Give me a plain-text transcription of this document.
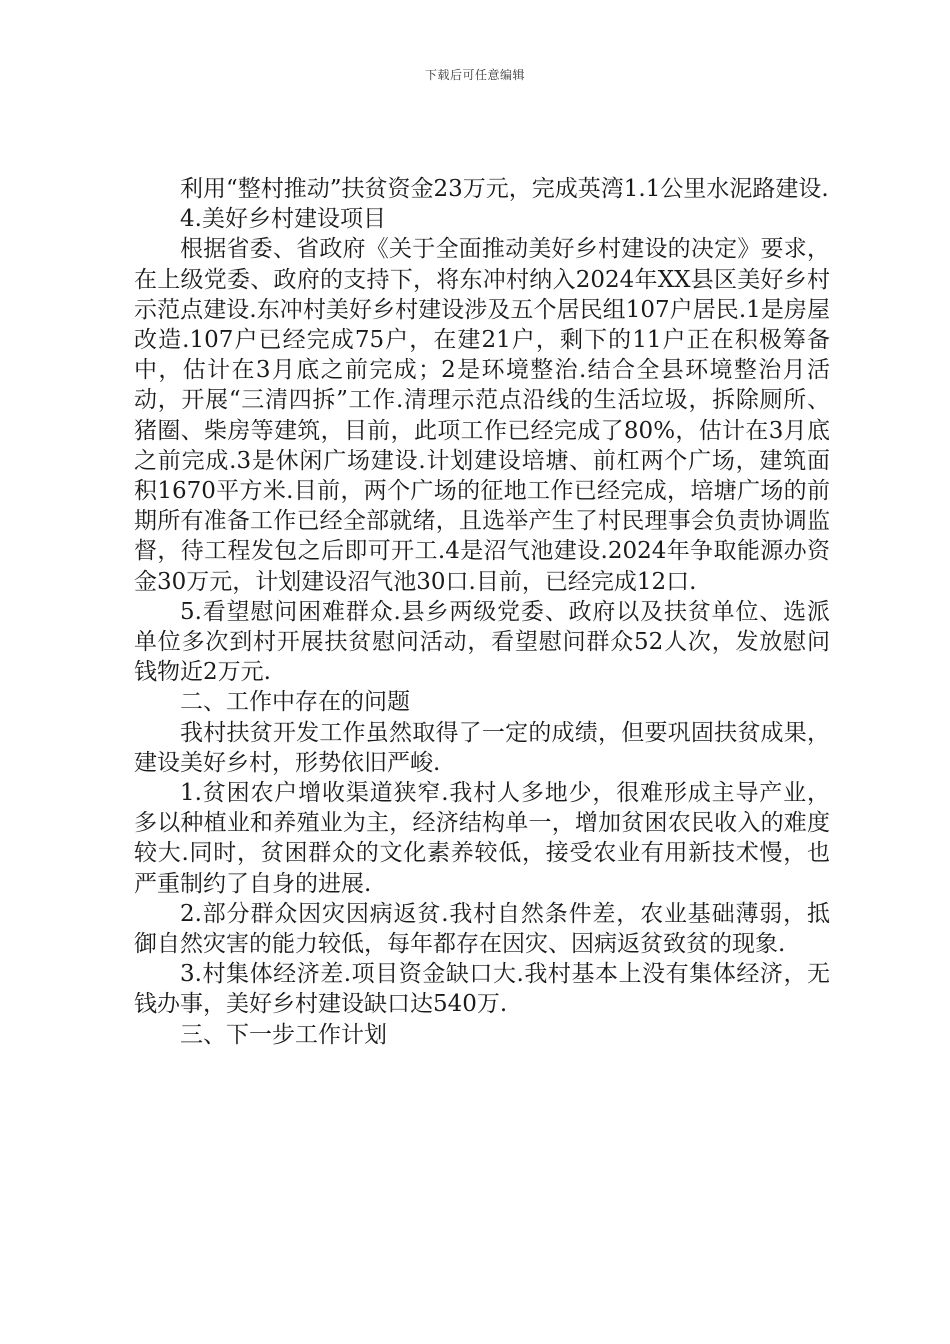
下载后可任意编辑

利用“整村推动”扶贫资金23万元，完成英湾1.1公里水泥路建设.

4.美好乡村建设项目

根据省委、省政府《关于全面推动美好乡村建设的决定》要求，在上级党委、政府的支持下，将东冲村纳入2024年XX县区美好乡村示范点建设.东冲村美好乡村建设涉及五个居民组107户居民.1是房屋改造.107户已经完成75户，在建21户，剩下的11户正在积极筹备中，估计在3月底之前完成；2是环境整治.结合全县环境整治月活动，开展“三清四拆”工作.清理示范点沿线的生活垃圾，拆除厕所、猪圈、柴房等建筑，目前，此项工作已经完成了80%，估计在3月底之前完成.3是休闲广场建设.计划建设培塘、前杠两个广场，建筑面积1670平方米.目前，两个广场的征地工作已经完成，培塘广场的前期所有准备工作已经全部就绪，且选举产生了村民理事会负责协调监督，待工程发包之后即可开工.4是沼气池建设.2024年争取能源办资金30万元，计划建设沼气池30口.目前，已经完成12口.

5.看望慰问困难群众.县乡两级党委、政府以及扶贫单位、选派单位多次到村开展扶贫慰问活动，看望慰问群众52人次，发放慰问钱物近2万元.

二、工作中存在的问题

我村扶贫开发工作虽然取得了一定的成绩，但要巩固扶贫成果，建设美好乡村，形势依旧严峻.

1.贫困农户增收渠道狭窄.我村人多地少，很难形成主导产业，多以种植业和养殖业为主，经济结构单一，增加贫困农民收入的难度较大.同时，贫困群众的文化素养较低，接受农业有用新技术慢，也严重制约了自身的进展.

2.部分群众因灾因病返贫.我村自然条件差，农业基础薄弱，抵御自然灾害的能力较低，每年都存在因灾、因病返贫致贫的现象.

3.村集体经济差.项目资金缺口大.我村基本上没有集体经济，无钱办事，美好乡村建设缺口达540万.

三、下一步工作计划
